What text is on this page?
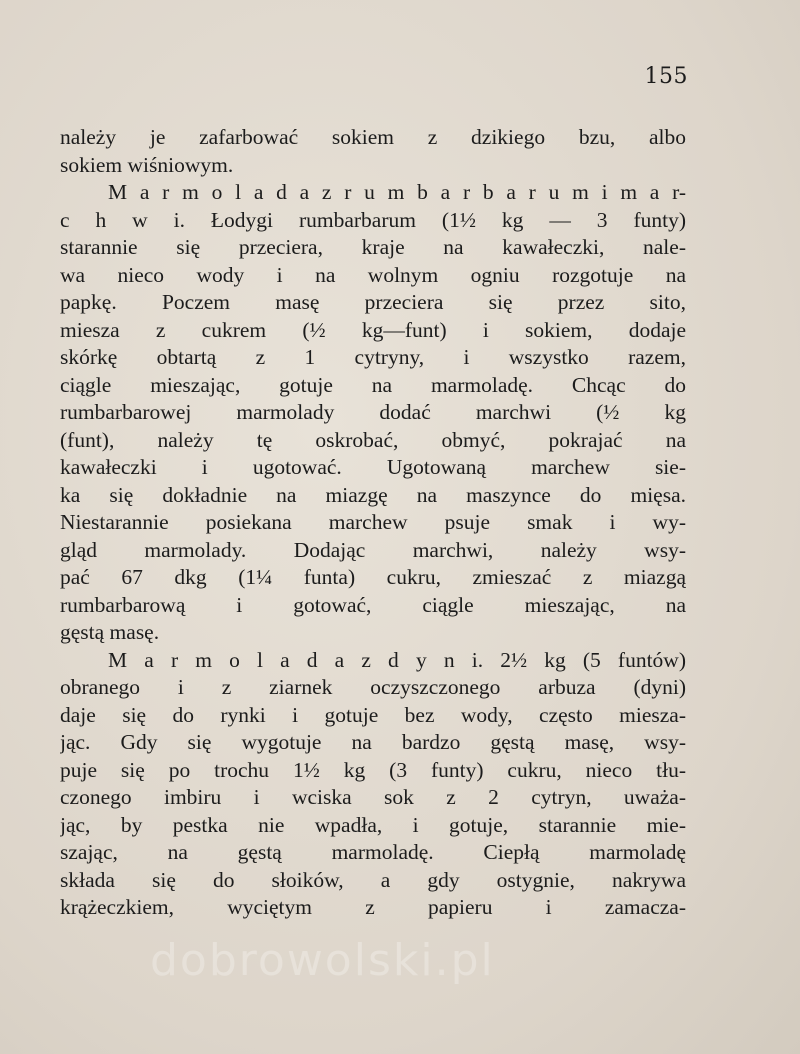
155
należy je zafarbować sokiem z dzikiego bzu, albo
sokiem wiśniowym.
M a r m o l a d a z r u m b a r b a r u m i m a r-
c h w i. Łodygi rumbarbarum (1½ kg — 3 funty)
starannie się przeciera, kraje na kawałeczki, nale-
wa nieco wody i na wolnym ogniu rozgotuje na
papkę. Poczem masę przeciera się przez sito,
miesza z cukrem (½ kg—funt) i sokiem, dodaje
skórkę obtartą z 1 cytryny, i wszystko razem,
ciągle mieszając, gotuje na marmoladę. Chcąc do
rumbarbarowej marmolady dodać marchwi (½ kg
(funt), należy tę oskrobać, obmyć, pokrajać na
kawałeczki i ugotować. Ugotowaną marchew sie-
ka się dokładnie na miazgę na maszynce do mięsa.
Niestarannie posiekana marchew psuje smak i wy-
gląd marmolady. Dodając marchwi, należy wsy-
pać 67 dkg (1¼ funta) cukru, zmieszać z miazgą
rumbarbarową i gotować, ciągle mieszając, na
gęstą masę.
M a r m o l a d a z d y n i. 2½ kg (5 funtów)
obranego i z ziarnek oczyszczonego arbuza (dyni)
daje się do rynki i gotuje bez wody, często miesza-
jąc. Gdy się wygotuje na bardzo gęstą masę, wsy-
puje się po trochu 1½ kg (3 funty) cukru, nieco tłu-
czonego imbiru i wciska sok z 2 cytryn, uważa-
jąc, by pestka nie wpadła, i gotuje, starannie mie-
szając, na gęstą marmoladę. Ciepłą marmoladę
składa się do słoików, a gdy ostygnie, nakrywa
krążeczkiem, wyciętym z papieru i zamacza-
dobrowolski.pl
